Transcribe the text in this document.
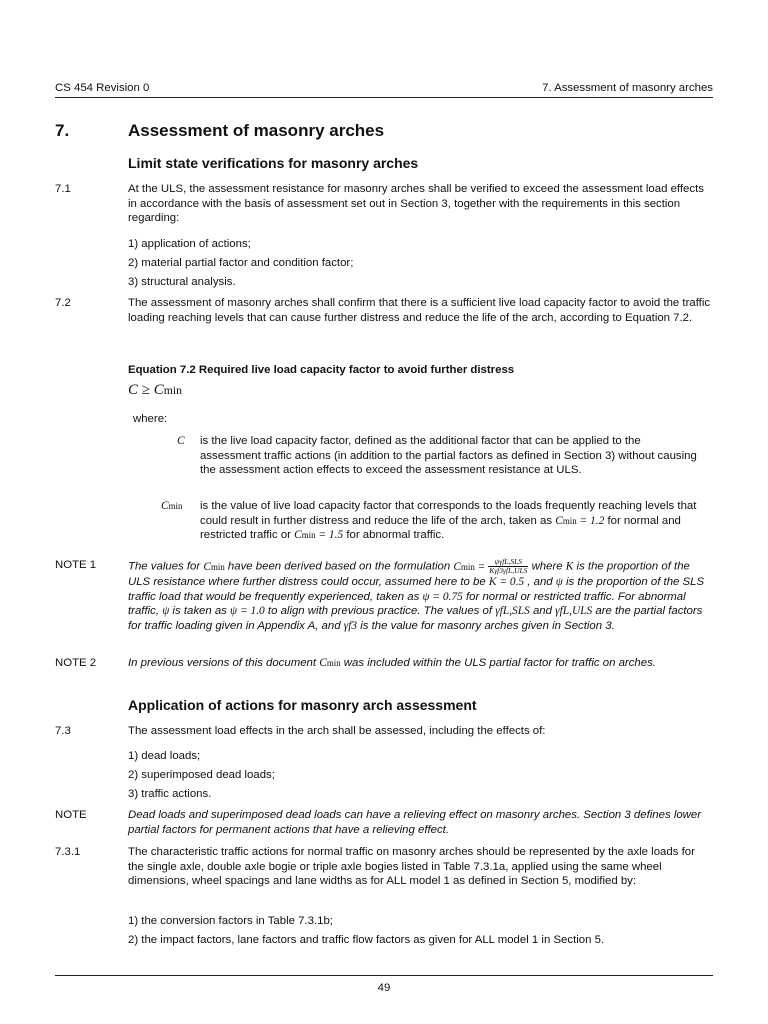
CS 454 Revision 0	7. Assessment of masonry arches
7.	Assessment of masonry arches
Limit state verifications for masonry arches
7.1	At the ULS, the assessment resistance for masonry arches shall be verified to exceed the assessment load effects in accordance with the basis of assessment set out in Section 3, together with the requirements in this section regarding:
1) application of actions;
2) material partial factor and condition factor;
3) structural analysis.
7.2	The assessment of masonry arches shall confirm that there is a sufficient live load capacity factor to avoid the traffic loading reaching levels that can cause further distress and reduce the life of the arch, according to Equation 7.2.
Equation 7.2 Required live load capacity factor to avoid further distress
C ≥ Cmin
where:
C is the live load capacity factor, defined as the additional factor that can be applied to the assessment traffic actions (in addition to the partial factors as defined in Section 3) without causing the assessment action effects to exceed the assessment resistance at ULS.
Cmin is the value of live load capacity factor that corresponds to the loads frequently reaching levels that could result in further distress and reduce the life of the arch, taken as Cmin = 1.2 for normal and restricted traffic or Cmin = 1.5 for abnormal traffic.
NOTE 1	The values for Cmin have been derived based on the formulation $Cmin = \frac{\text{ψγfL,SLS}}{\text{Kγf3γfL,ULS}}$ where K is the proportion of the ULS resistance where further distress could occur, assumed here to be K = 0.5 , and ψ is the proportion of the SLS traffic load that would be frequently experienced, taken as ψ = 0.75 for normal or restricted traffic. For abnormal traffic, ψ is taken as ψ = 1.0 to align with previous practice. The values of γfL,SLS and γfL,ULS are the partial factors for traffic loading given in Appendix A, and γf3 is the value for masonry arches given in Section 3.
NOTE 2	In previous versions of this document Cmin was included within the ULS partial factor for traffic on arches.
Application of actions for masonry arch assessment
7.3	The assessment load effects in the arch shall be assessed, including the effects of:
1) dead loads;
2) superimposed dead loads;
3) traffic actions.
NOTE	Dead loads and superimposed dead loads can have a relieving effect on masonry arches. Section 3 defines lower partial factors for permanent actions that have a relieving effect.
7.3.1	The characteristic traffic actions for normal traffic on masonry arches should be represented by the axle loads for the single axle, double axle bogie or triple axle bogies listed in Table 7.3.1a, applied using the same wheel dimensions, wheel spacings and lane widths as for ALL model 1 as defined in Section 5, modified by:
1) the conversion factors in Table 7.3.1b;
2) the impact factors, lane factors and traffic flow factors as given for ALL model 1 in Section 5.
49
